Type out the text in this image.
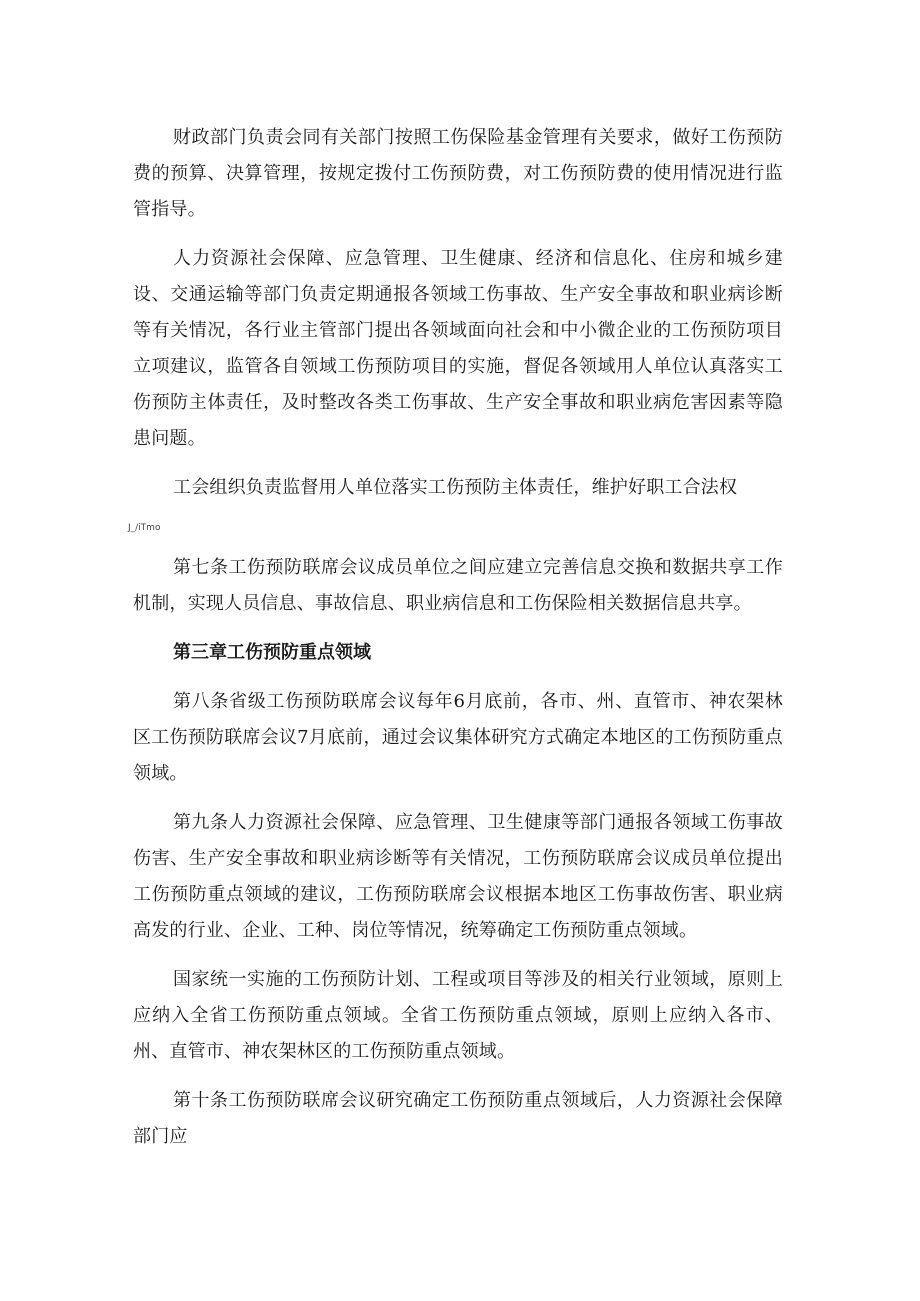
财政部门负责会同有关部门按照工伤保险基金管理有关要求，做好工伤预防费的预算、决算管理，按规定拨付工伤预防费，对工伤预防费的使用情况进行监管指导。

人力资源社会保障、应急管理、卫生健康、经济和信息化、住房和城乡建设、交通运输等部门负责定期通报各领域工伤事故、生产安全事故和职业病诊断等有关情况，各行业主管部门提出各领域面向社会和中小微企业的工伤预防项目立项建议，监管各自领域工伤预防项目的实施，督促各领域用人单位认真落实工伤预防主体责任，及时整改各类工伤事故、生产安全事故和职业病危害因素等隐患问题。

工会组织负责监督用人单位落实工伤预防主体责任，维护好职工合法权

J_/iTmo

第七条工伤预防联席会议成员单位之间应建立完善信息交换和数据共享工作机制，实现人员信息、事故信息、职业病信息和工伤保险相关数据信息共享。

第三章工伤预防重点领域

第八条省级工伤预防联席会议每年6月底前，各市、州、直管市、神农架林区工伤预防联席会议7月底前，通过会议集体研究方式确定本地区的工伤预防重点领域。

第九条人力资源社会保障、应急管理、卫生健康等部门通报各领域工伤事故伤害、生产安全事故和职业病诊断等有关情况，工伤预防联席会议成员单位提出工伤预防重点领域的建议，工伤预防联席会议根据本地区工伤事故伤害、职业病高发的行业、企业、工种、岗位等情况，统筹确定工伤预防重点领域。

国家统一实施的工伤预防计划、工程或项目等涉及的相关行业领域，原则上应纳入全省工伤预防重点领域。全省工伤预防重点领域，原则上应纳入各市、州、直管市、神农架林区的工伤预防重点领域。

第十条工伤预防联席会议研究确定工伤预防重点领域后，人力资源社会保障部门应
